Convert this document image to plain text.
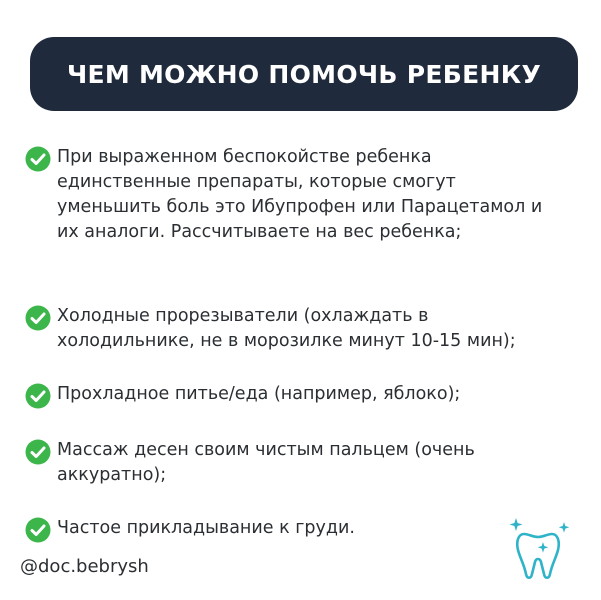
ЧЕМ МОЖНО ПОМОЧЬ РЕБЕНКУ
При выраженном беспокойстве ребенка единственные препараты, которые смогут уменьшить боль это Ибупрофен или Парацетамол и их аналоги. Рассчитываете на вес ребенка;
Холодные прорезыватели (охлаждать в холодильнике, не в морозилке минут 10-15 мин);
Прохладное питье/еда (например, яблоко);
Массаж десен своим чистым пальцем (очень аккуратно);
Частое прикладывание к груди.
@doc.bebrysh
